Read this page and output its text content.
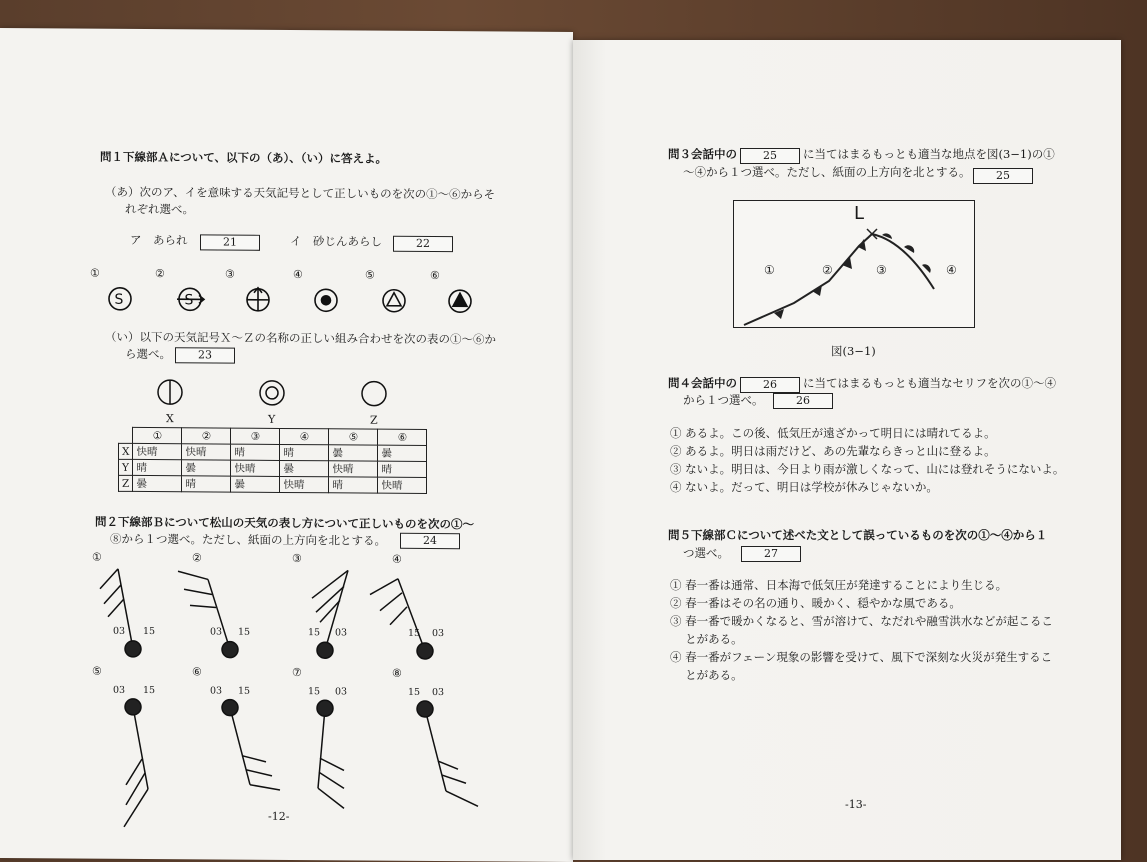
問１下線部Ａについて、以下の（あ）、（い）に答えよ。
（あ）次のア、イを意味する天気記号として正しいものを次の①～⑥からそ
れぞれ選べ。
ア　あられ	21	イ　砂じんあらし	22
①	②	③	④	⑤	⑥
S	S
（い）以下の天気記号Ｘ～Ｚの名称の正しい組み合わせを次の表の①～⑥か
ら選べ。	23
X	Y	Z
	①	②	③	④	⑤	⑥
X	快晴	快晴	晴	晴	曇	曇
Y	晴	曇	快晴	曇	快晴	晴
Z	曇	晴	曇	快晴	晴	快晴
問２下線部Ｂについて松山の天気の表し方について正しいものを次の①～
⑧から１つ選べ。ただし、紙面の上方向を北とする。	24
①	②	③	④
⑤	⑥	⑦	⑧
03 15	03 15	15 03	15 03
03 15	03 15	15 03	15 03
-12-
問３会話中の	25	に当てはまるもっとも適当な地点を図(3−1)の①
～④から１つ選べ。ただし、紙面の上方向を北とする。	25
L
①	②	③	④
図(3−1)
問４会話中の	26	に当てはまるもっとも適当なセリフを次の①～④
から１つ選べ。	26
① あるよ。この後、低気圧が遠ざかって明日には晴れてるよ。
② あるよ。明日は雨だけど、あの先輩ならきっと山に登るよ。
③ ないよ。明日は、今日より雨が激しくなって、山には登れそうにないよ。
④ ないよ。だって、明日は学校が休みじゃないか。
問５下線部Ｃについて述べた文として誤っているものを次の①～④から１
つ選べ。	27
① 春一番は通常、日本海で低気圧が発達することにより生じる。
② 春一番はその名の通り、暖かく、穏やかな風である。
③ 春一番で暖かくなると、雪が溶けて、なだれや融雪洪水などが起こるこ
　 とがある。
④ 春一番がフェーン現象の影響を受けて、風下で深刻な火災が発生するこ
　 とがある。
-13-
